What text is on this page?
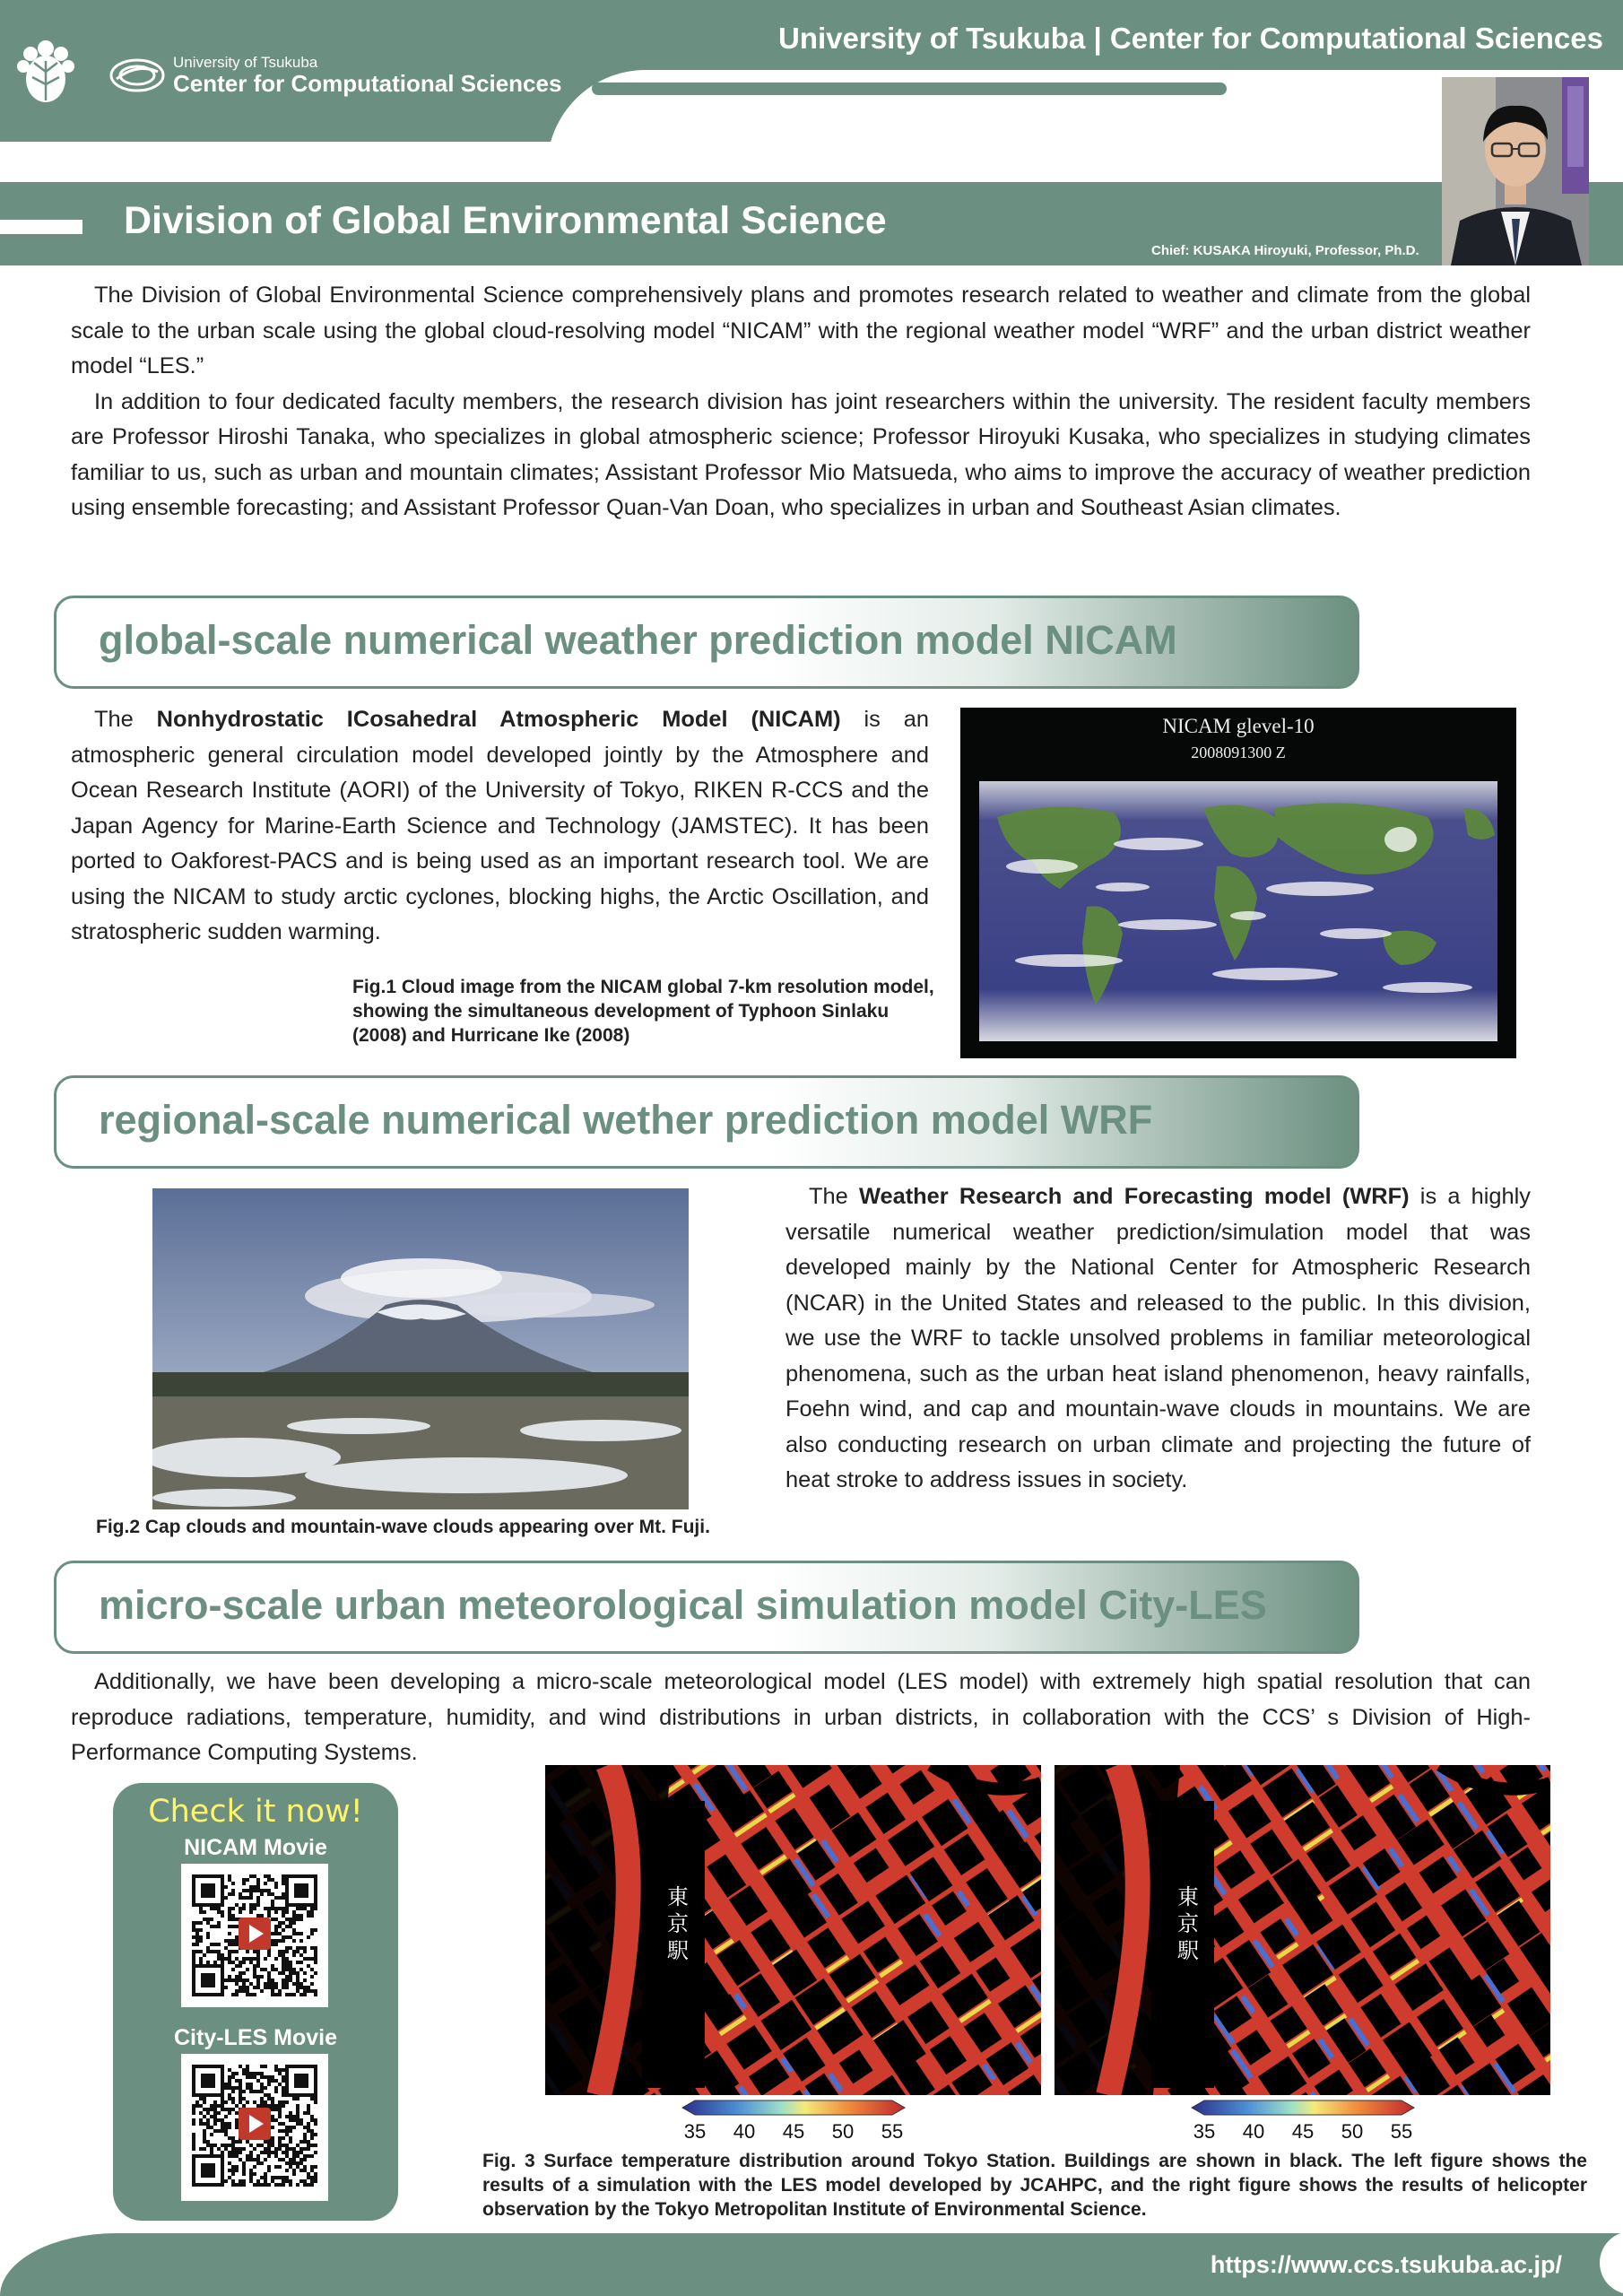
University of Tsukuba | Center for Computational Sciences
University of Tsukuba
Center for Computational Sciences
Division of Global Environmental Science
Chief: KUSAKA Hiroyuki, Professor, Ph.D.

The Division of Global Environmental Science comprehensively plans and promotes research related to weather and climate from the global scale to the urban scale using the global cloud-resolving model “NICAM” with the regional weather model “WRF” and the urban district weather model “LES.”

In addition to four dedicated faculty members, the research division has joint researchers within the university. The resident faculty members are Professor Hiroshi Tanaka, who specializes in global atmospheric science; Professor Hiroyuki Kusaka, who specializes in studying climates familiar to us, such as urban and mountain climates; Assistant Professor Mio Matsueda, who aims to improve the accuracy of weather prediction using ensemble forecasting; and Assistant Professor Quan-Van Doan, who specializes in urban and Southeast Asian climates.

global-scale numerical weather prediction model NICAM

The Nonhydrostatic ICosahedral Atmospheric Model (NICAM) is an atmospheric general circulation model developed jointly by the Atmosphere and Ocean Research Institute (AORI) of the University of Tokyo, RIKEN R-CCS and the Japan Agency for Marine-Earth Science and Technology (JAMSTEC). It has been ported to Oakforest-PACS and is being used as an important research tool. We are using the NICAM to study arctic cyclones, blocking highs, the Arctic Oscillation, and stratospheric sudden warming.

Fig.1 Cloud image from the NICAM global 7-km resolution model, showing the simultaneous development of Typhoon Sinlaku (2008) and Hurricane Ike (2008)
NICAM glevel-10
2008091300 Z
regional-scale numerical wether prediction model WRF
Fig.2 Cap clouds and mountain-wave clouds appearing over Mt. Fuji.

The Weather Research and Forecasting model (WRF) is a highly versatile numerical weather prediction/simulation model that was developed mainly by the National Center for Atmospheric Research (NCAR) in the United States and released to the public. In this division, we use the WRF to tackle unsolved problems in familiar meteorological phenomena, such as the urban heat island phenomenon, heavy rainfalls, Foehn wind, and cap and mountain-wave clouds in mountains. We are also conducting research on urban climate and projecting the future of heat stroke to address issues in society.

micro-scale urban meteorological simulation model City-LES

Additionally, we have been developing a micro-scale meteorological model (LES model) with extremely high spatial resolution that can reproduce radiations, temperature, humidity, and wind distributions in urban districts, in collaboration with the CCS’ s Division of High-Performance Computing Systems.

Check it now!
NICAM Movie
City-LES Movie
東
京
駅
東
京
駅
35 40 45 50 55	35 40 45 50 55
Fig. 3 Surface temperature distribution around Tokyo Station. Buildings are shown in black. The left figure shows the results of a simulation with the LES model developed by JCAHPC, and the right figure shows the results of helicopter observation by the Tokyo Metropolitan Institute of Environmental Science.
https://www.ccs.tsukuba.ac.jp/
